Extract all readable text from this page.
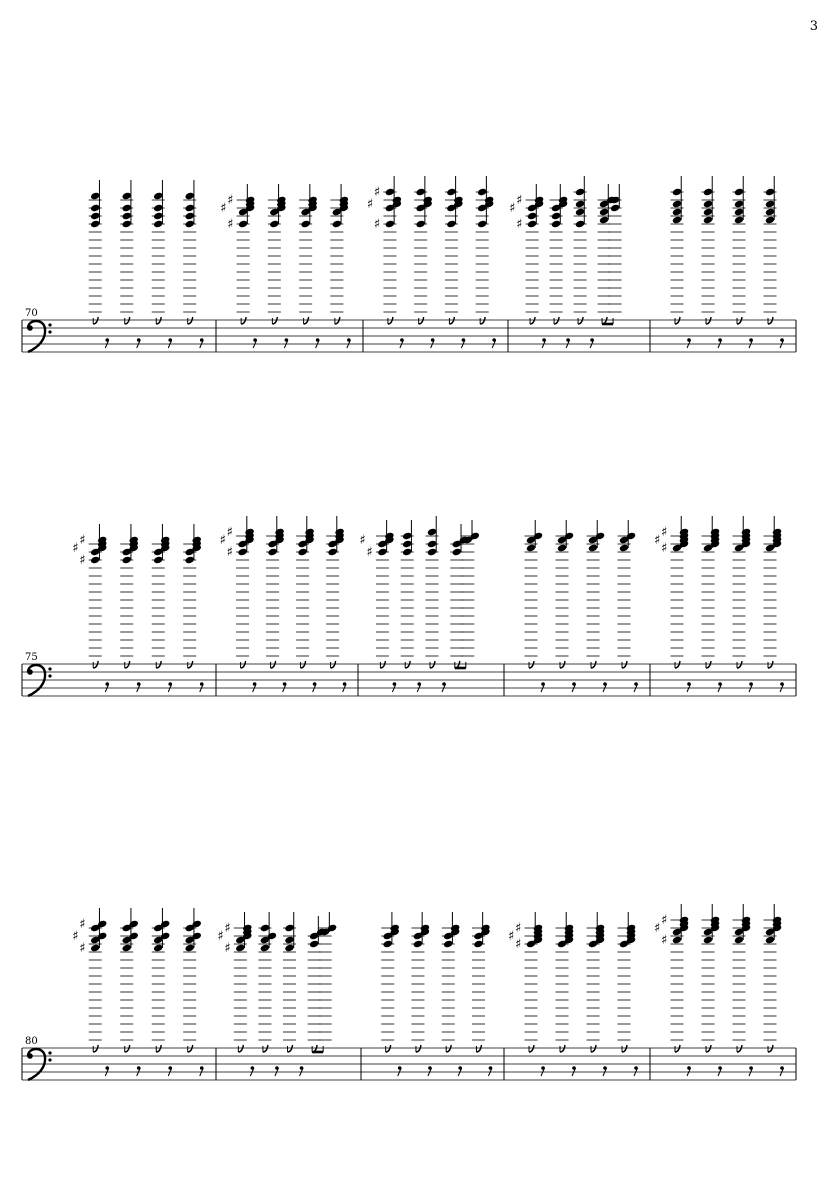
3
70
♯
♯
♯
♯
♯
♯
♯
♯
♯
75
♯
♯
♯
♯
♯
♯
♯
♯
♯
♯
♯
80
♯
♯
♯
♯
♯
♯
♯
♯
♯
♯
♯
♯
